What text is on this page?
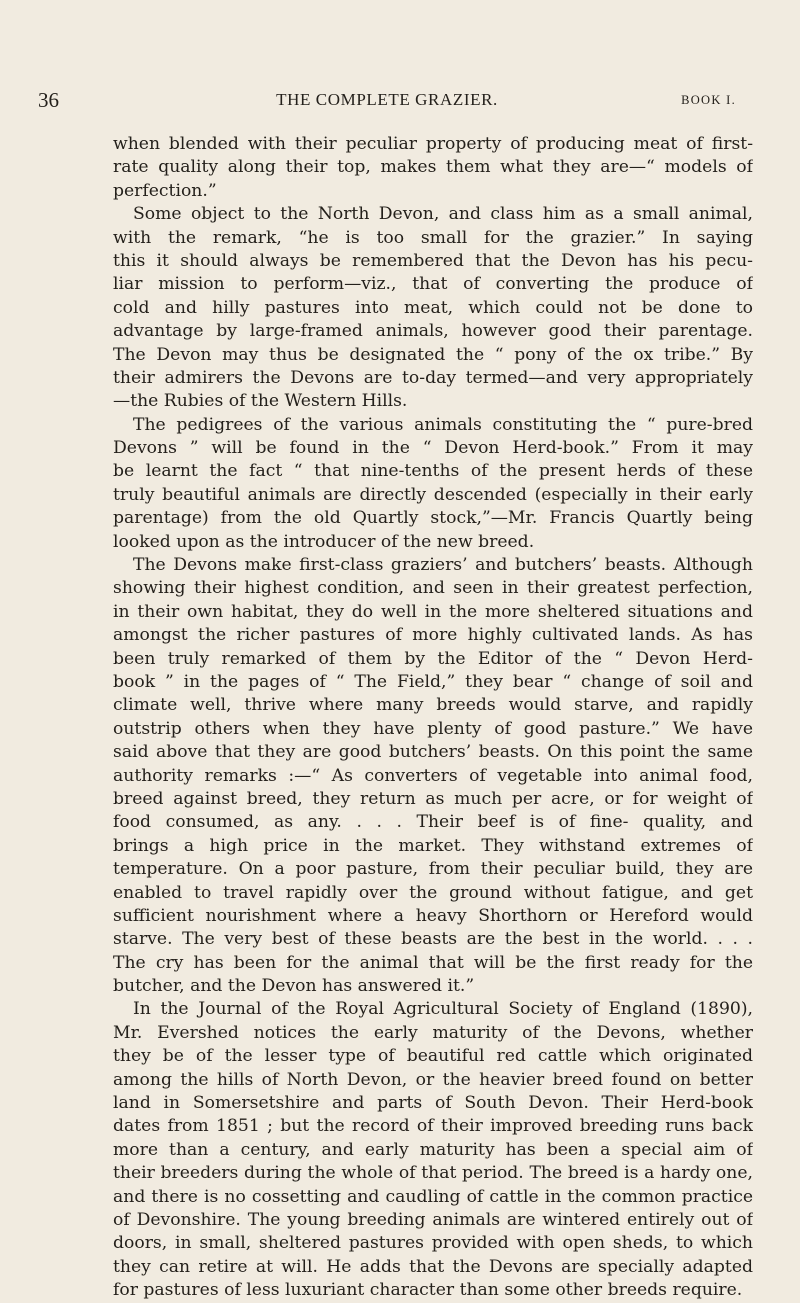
36	THE COMPLETE GRAZIER.	BOOK I.
when blended with their peculiar property of producing meat of first-
rate quality along their top, makes them what they are—“ models of
perfection.”
Some object to the North Devon, and class him as a small animal,
with the remark, “he is too small for the grazier.” In saying
this it should always be remembered that the Devon has his pecu-
liar mission to perform—viz., that of converting the produce of
cold and hilly pastures into meat, which could not be done to
advantage by large-framed animals, however good their parentage.
The Devon may thus be designated the “ pony of the ox tribe.” By
their admirers the Devons are to-day termed—and very appropriately
—the Rubies of the Western Hills.
The pedigrees of the various animals constituting the “ pure-bred
Devons ” will be found in the “ Devon Herd-book.” From it may
be learnt the fact “ that nine-tenths of the present herds of these
truly beautiful animals are directly descended (especially in their early
parentage) from the old Quartly stock,”—Mr. Francis Quartly being
looked upon as the introducer of the new breed.
The Devons make first-class graziers’ and butchers’ beasts. Although
showing their highest condition, and seen in their greatest perfection,
in their own habitat, they do well in the more sheltered situations and
amongst the richer pastures of more highly cultivated lands. As has
been truly remarked of them by the Editor of the “ Devon Herd-
book ” in the pages of “ The Field,” they bear “ change of soil and
climate well, thrive where many breeds would starve, and rapidly
outstrip others when they have plenty of good pasture.” We have
said above that they are good butchers’ beasts. On this point the same
authority remarks :—“ As converters of vegetable into animal food,
breed against breed, they return as much per acre, or for weight of
food consumed, as any. . . . Their beef is of fine- quality, and
brings a high price in the market. They withstand extremes of
temperature. On a poor pasture, from their peculiar build, they are
enabled to travel rapidly over the ground without fatigue, and get
sufficient nourishment where a heavy Shorthorn or Hereford would
starve. The very best of these beasts are the best in the world. . . .
The cry has been for the animal that will be the first ready for the
butcher, and the Devon has answered it.”
In the Journal of the Royal Agricultural Society of England (1890),
Mr. Evershed notices the early maturity of the Devons, whether
they be of the lesser type of beautiful red cattle which originated
among the hills of North Devon, or the heavier breed found on better
land in Somersetshire and parts of South Devon. Their Herd-book
dates from 1851 ; but the record of their improved breeding runs back
more than a century, and early maturity has been a special aim of
their breeders during the whole of that period. The breed is a hardy one,
and there is no cossetting and caudling of cattle in the common practice
of Devonshire. The young breeding animals are wintered entirely out of
doors, in small, sheltered pastures provided with open sheds, to which
they can retire at will. He adds that the Devons are specially adapted
for pastures of less luxuriant character than some other breeds require.
